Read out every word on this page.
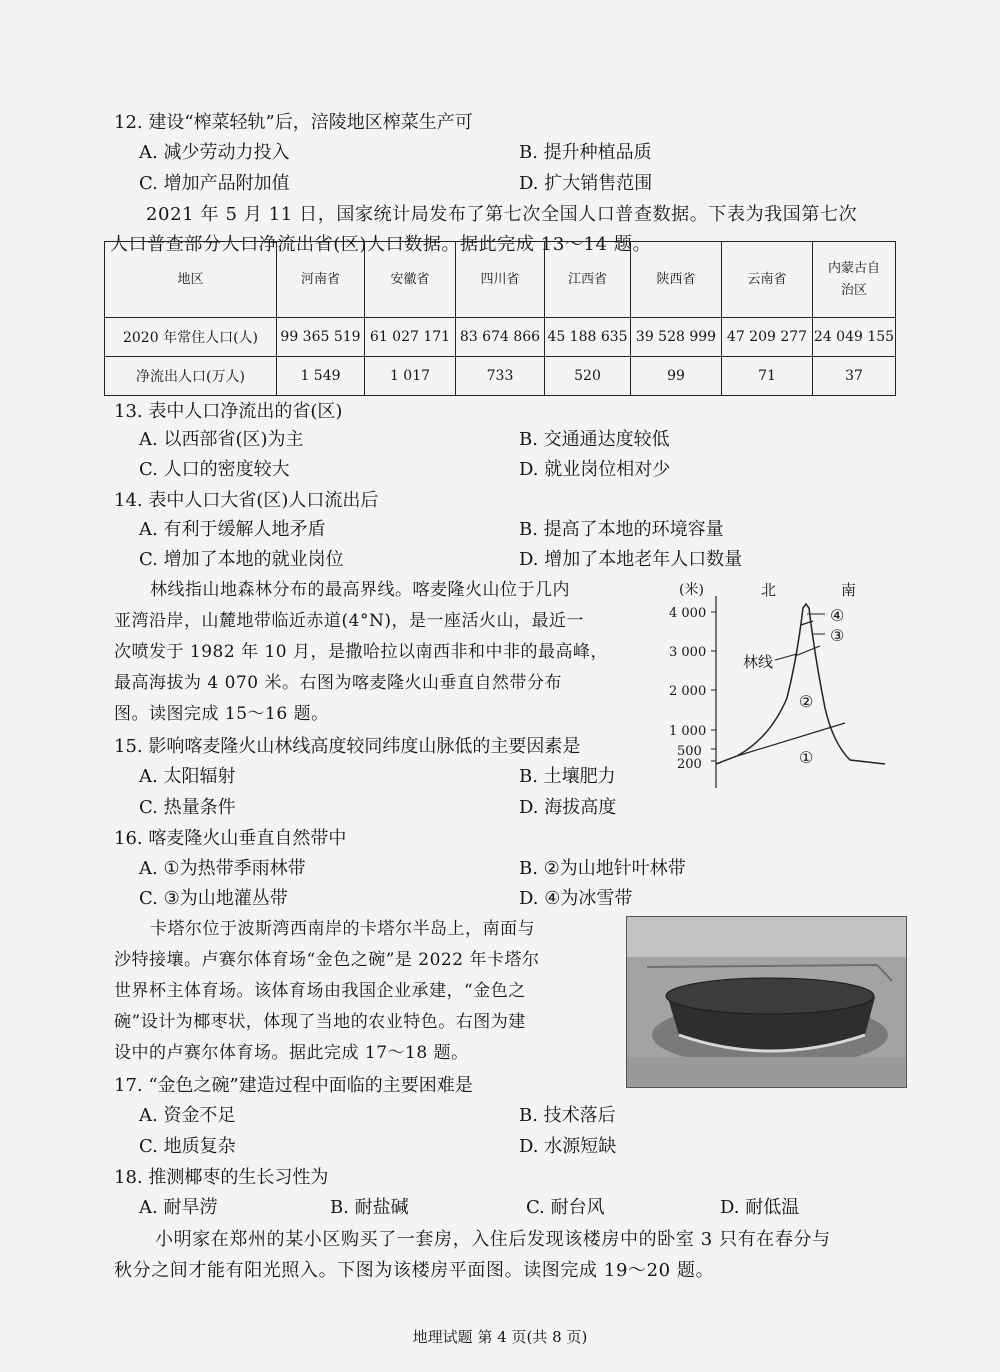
12. 建设“榨菜轻轨”后，涪陵地区榨菜生产可
A. 减少劳动力投入	B. 提升种植品质
C. 增加产品附加值	D. 扩大销售范围
2021 年 5 月 11 日，国家统计局发布了第七次全国人口普查数据。下表为我国第七次
人口普查部分人口净流出省(区)人口数据。据此完成 13～14 题。
地区	河南省	安徽省	四川省	江西省	陕西省	云南省	内蒙古自治区
2020 年常住人口(人)	99 365 519	61 027 171	83 674 866	45 188 635	39 528 999	47 209 277	24 049 155
净流出人口(万人)	1 549	1 017	733	520	99	71	37
13. 表中人口净流出的省(区)
A. 以西部省(区)为主	B. 交通通达度较低
C. 人口的密度较大	D. 就业岗位相对少
14. 表中人口大省(区)人口流出后
A. 有利于缓解人地矛盾	B. 提高了本地的环境容量
C. 增加了本地的就业岗位	D. 增加了本地老年人口数量
林线指山地森林分布的最高界线。喀麦隆火山位于几内
亚湾沿岸，山麓地带临近赤道(4°N)，是一座活火山，最近一
次喷发于 1982 年 10 月，是撒哈拉以南西非和中非的最高峰，
最高海拔为 4 070 米。右图为喀麦隆火山垂直自然带分布
图。读图完成 15～16 题。
(米)	北	南
4 000
3 000
2 000
1 000
500
200
林线
①
②
③
④
15. 影响喀麦隆火山林线高度较同纬度山脉低的主要因素是
A. 太阳辐射	B. 土壤肥力
C. 热量条件	D. 海拔高度
16. 喀麦隆火山垂直自然带中
A. ①为热带季雨林带	B. ②为山地针叶林带
C. ③为山地灌丛带	D. ④为冰雪带
卡塔尔位于波斯湾西南岸的卡塔尔半岛上，南面与
沙特接壤。卢赛尔体育场“金色之碗”是 2022 年卡塔尔
世界杯主体育场。该体育场由我国企业承建，“金色之
碗”设计为椰枣状，体现了当地的农业特色。右图为建
设中的卢赛尔体育场。据此完成 17～18 题。
17. “金色之碗”建造过程中面临的主要困难是
A. 资金不足	B. 技术落后
C. 地质复杂	D. 水源短缺
18. 推测椰枣的生长习性为
A. 耐旱涝	B. 耐盐碱	C. 耐台风	D. 耐低温
小明家在郑州的某小区购买了一套房，入住后发现该楼房中的卧室 3 只有在春分与
秋分之间才能有阳光照入。下图为该楼房平面图。读图完成 19～20 题。
地理试题 第 4 页(共 8 页)
